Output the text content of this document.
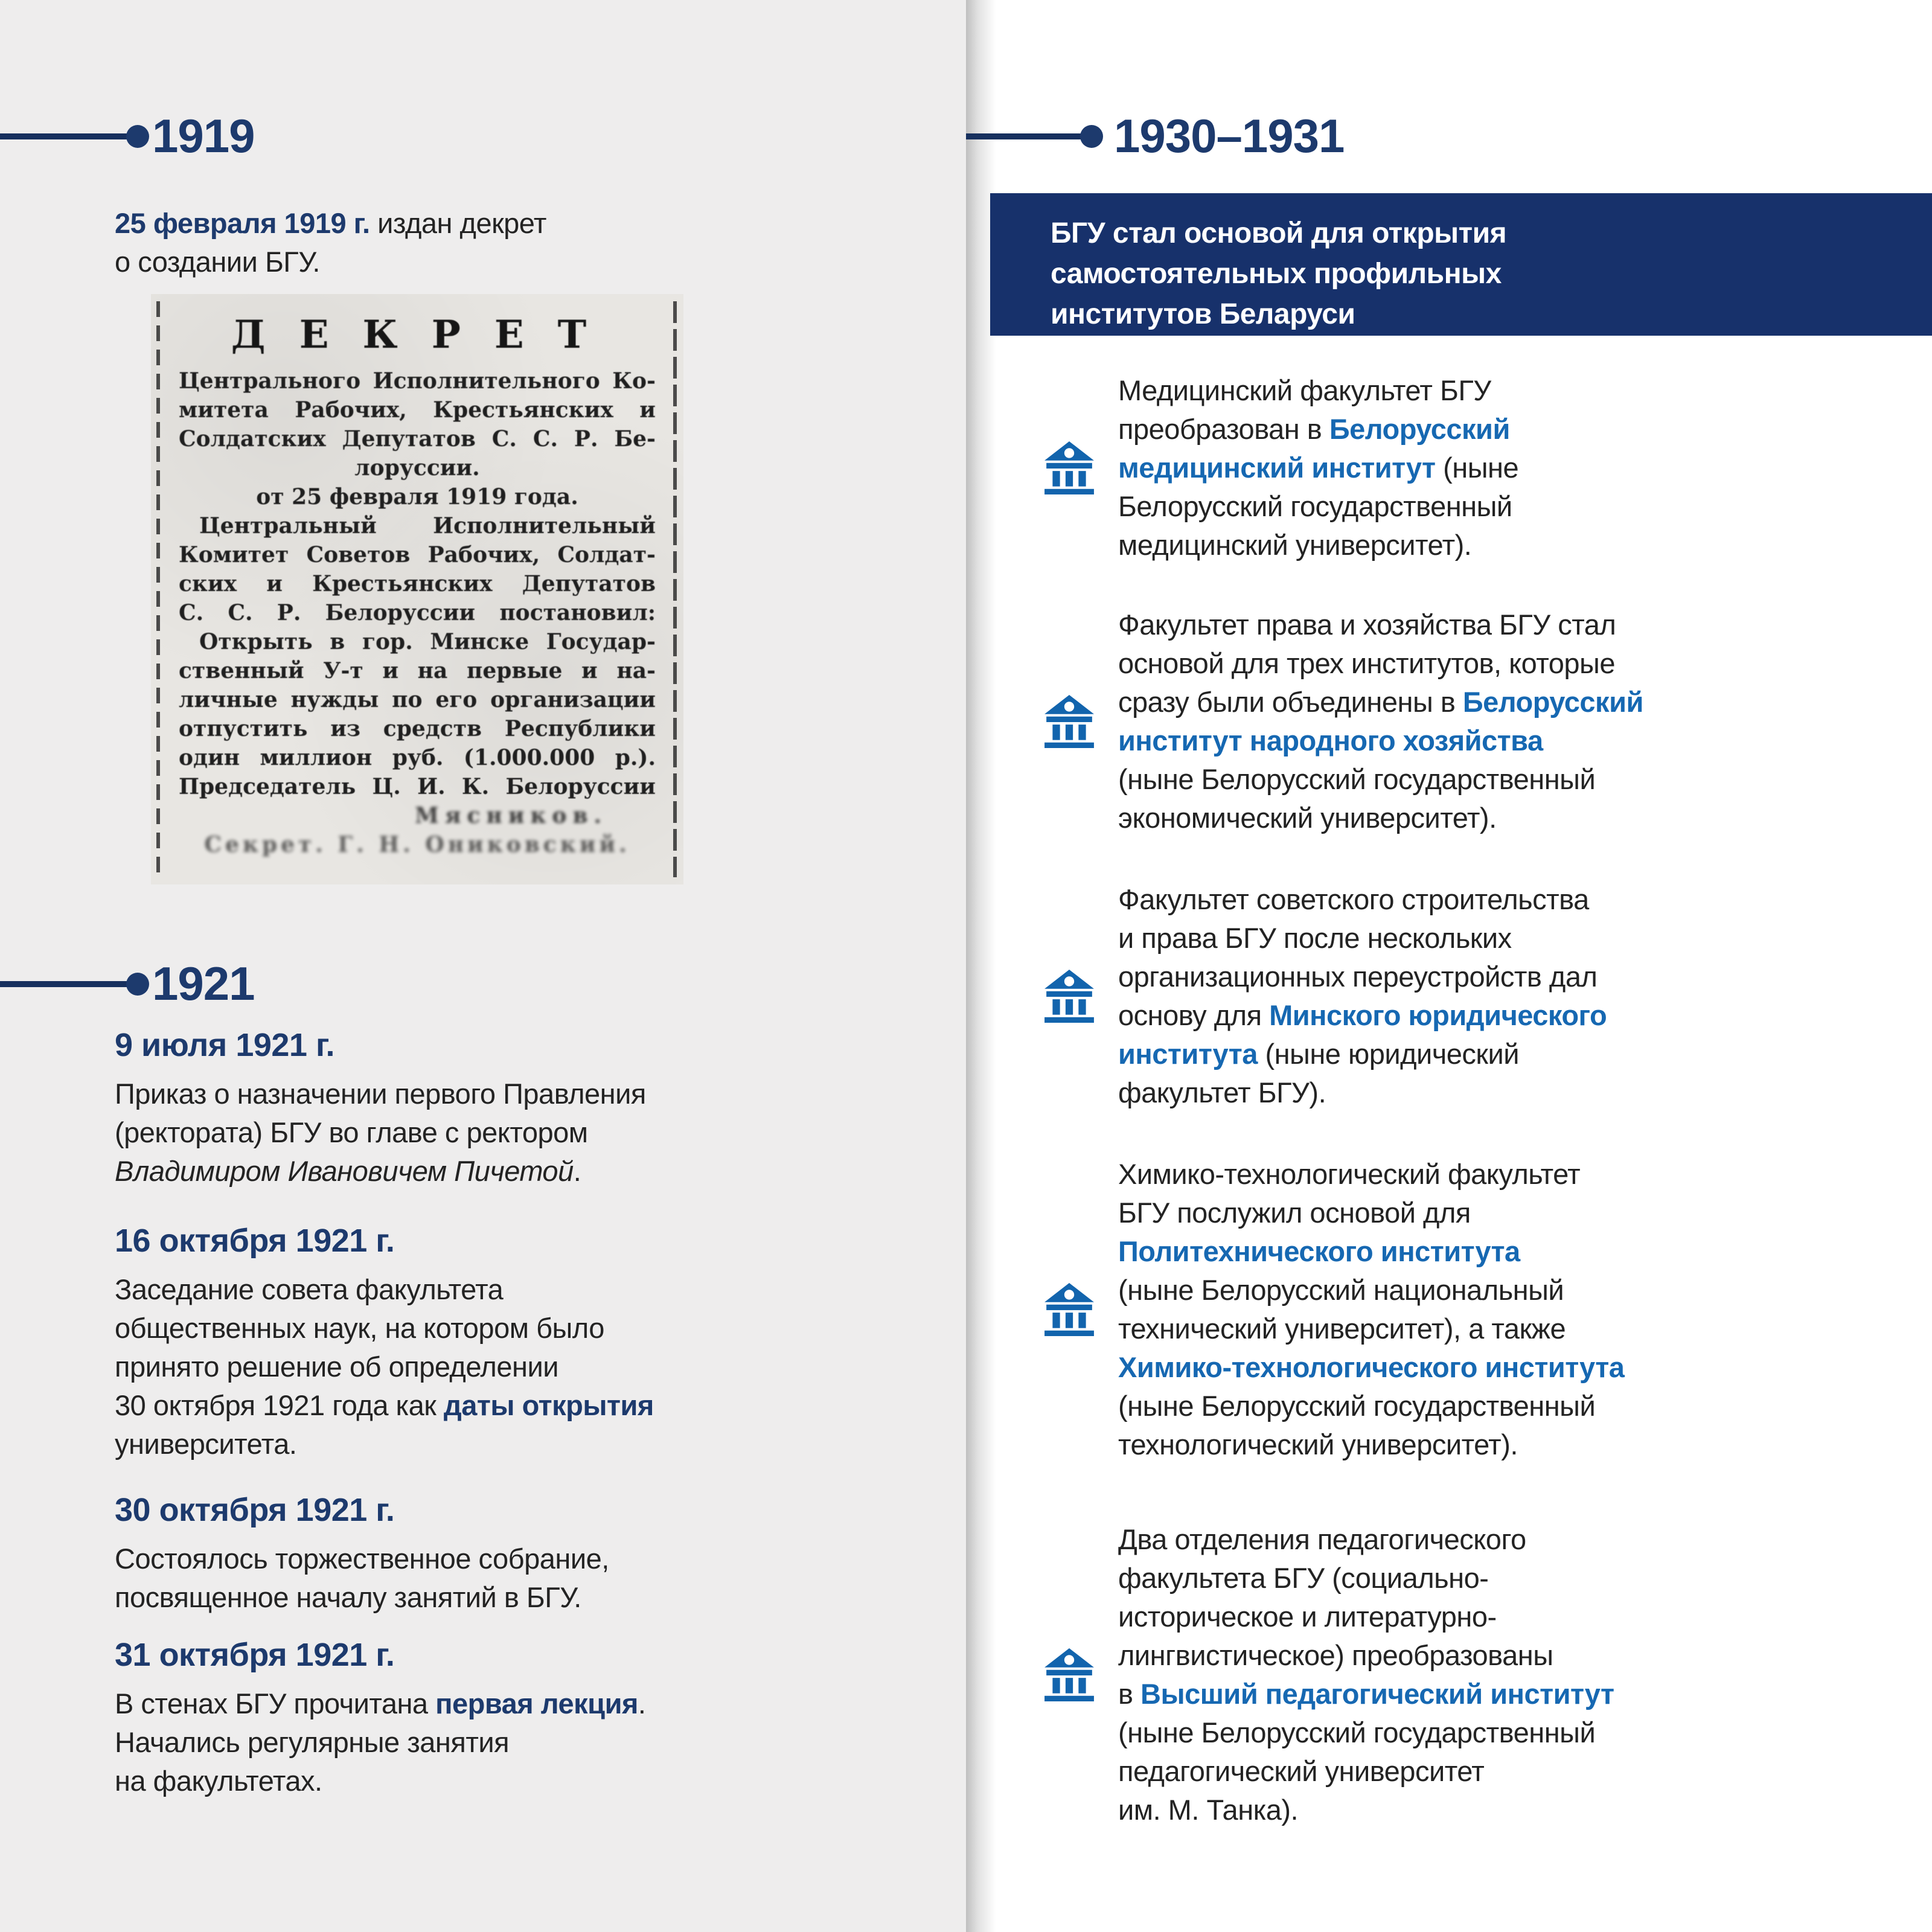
1919
25 февраля 1919 г. издан декрет
о создании БГУ.
ДЕКРЕТ
Центрального Исполнительного Ко-
митета Рабочих, Крестьянских и
Солдатских Депутатов С. С. Р. Бе-
лоруссии.
от 25 февраля 1919 года.
Центральный Исполнительный
Комитет Советов Рабочих, Солдат-
ских и Крестьянских Депутатов
С. С. Р. Белоруссии постановил:
Открыть в гор. Минске Государ-
ственный У-т и на первые и на-
личные нужды по его организации
отпустить из средств Республики
один миллион руб. (1.000.000 р.).
Председатель Ц. И. К. Белоруссии
Мясников.
Секрет. Г. Н. Ониковский.
1921
9 июля 1921 г.
Приказ о назначении первого Правления
(ректората) БГУ во главе с ректором
Владимиром Ивановичем Пичетой.
16 октября 1921 г.
Заседание совета факультета
общественных наук, на котором было
принято решение об определении
30 октября 1921 года как даты открытия
университета.
30 октября 1921 г.
Состоялось торжественное собрание,
посвященное началу занятий в БГУ.
31 октября 1921 г.
В стенах БГУ прочитана первая лекция.
Начались регулярные занятия
на факультетах.
1930–1931
БГУ стал основой для открытия
самостоятельных профильных
институтов Беларуси
Медицинский факультет БГУ
преобразован в Белорусский
медицинский институт (ныне
Белорусский государственный
медицинский университет).
Факультет права и хозяйства БГУ стал
основой для трех институтов, которые
сразу были объединены в Белорусский
институт народного хозяйства
(ныне Белорусский государственный
экономический университет).
Факультет советского строительства
и права БГУ после нескольких
организационных переустройств дал
основу для Минского юридического
института (ныне юридический
факультет БГУ).
Химико-технологический факультет
БГУ послужил основой для
Политехнического института
(ныне Белорусский национальный
технический университет), а также
Химико-технологического института
(ныне Белорусский государственный
технологический университет).
Два отделения педагогического
факультета БГУ (социально-
историческое и литературно-
лингвистическое) преобразованы
в Высший педагогический институт
(ныне Белорусский государственный
педагогический университет
им. М. Танка).
